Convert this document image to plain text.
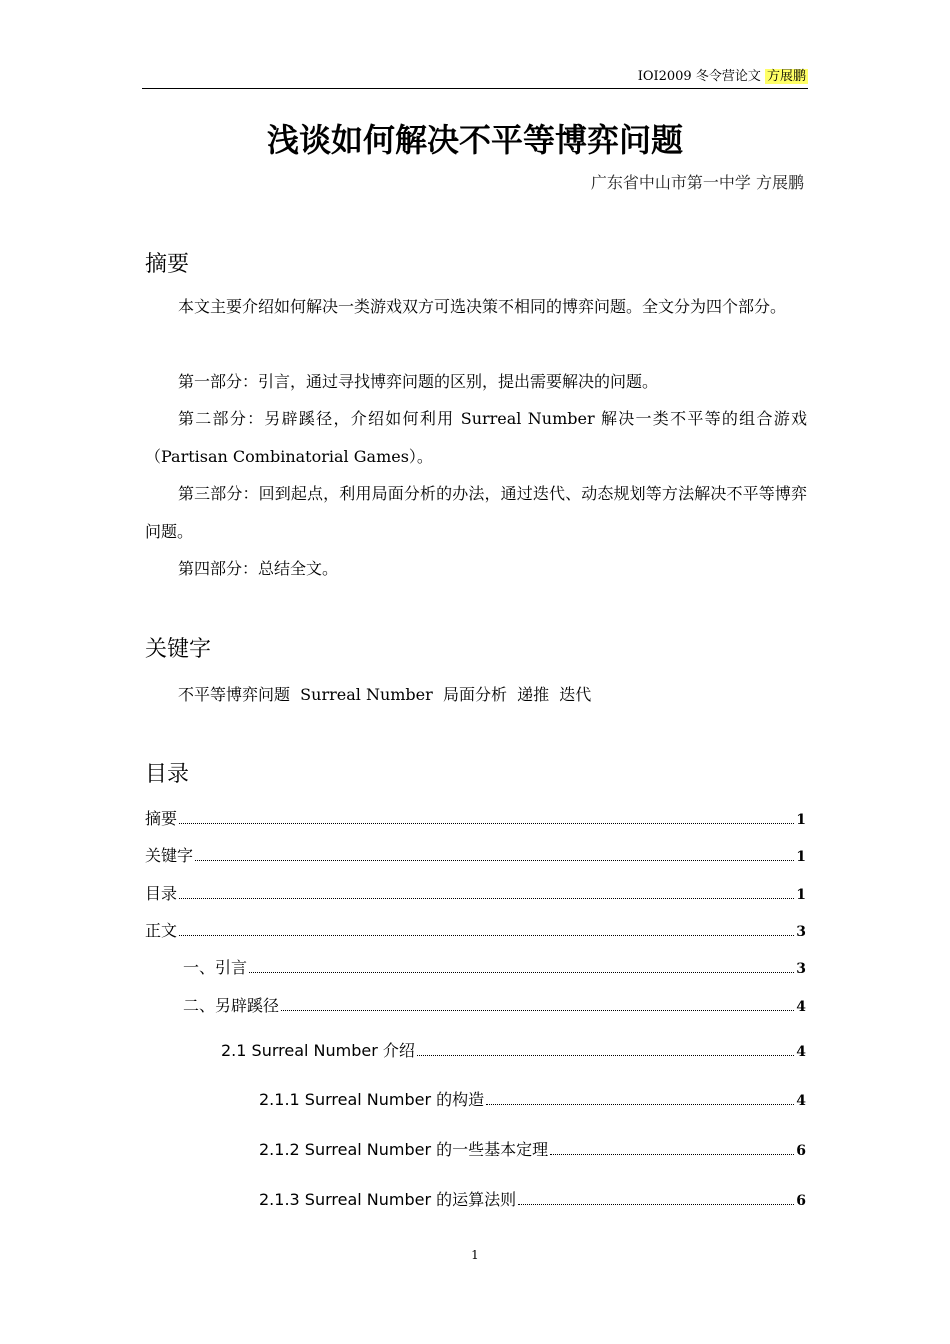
IOI2009 冬令营论文 方展鹏
浅谈如何解决不平等博弈问题
广东省中山市第一中学 方展鹏
摘要
本文主要介绍如何解决一类游戏双方可选决策不相同的博弈问题。全文分为四个部分。
第一部分：引言，通过寻找博弈问题的区别，提出需要解决的问题。
第二部分：另辟蹊径，介绍如何利用 Surreal Number 解决一类不平等的组合游戏（Partisan Combinatorial Games）。
第三部分：回到起点，利用局面分析的办法，通过迭代、动态规划等方法解决不平等博弈问题。
第四部分：总结全文。
关键字
不平等博弈问题  Surreal Number  局面分析  递推  迭代
目录
摘要	1
关键字	1
目录	1
正文	3
一、引言	3
二、另辟蹊径	4
2.1 Surreal Number 介绍	4
2.1.1 Surreal Number 的构造	4
2.1.2 Surreal Number 的一些基本定理	6
2.1.3 Surreal Number 的运算法则	6
1
